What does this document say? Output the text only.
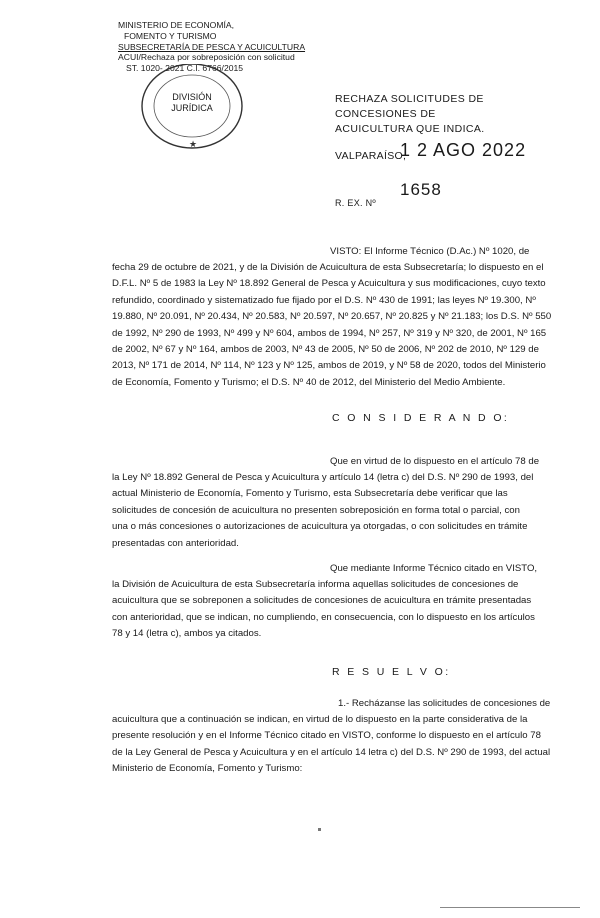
MINISTERIO DE ECONOMÍA,
FOMENTO Y TURISMO
SUBSECRETARÍA DE PESCA Y ACUICULTURA
ACUI/Rechaza por sobreposición con solicitud
ST. 1020- 2021 C.I. 6766/2015
★
DIVISIÓN
JURÍDICA
RECHAZA SOLICITUDES DE CONCESIONES DE
ACUICULTURA QUE INDICA.
VALPARAÍSO,
1 2 AGO 2022
1658
R. EX. Nº
VISTO: El Informe Técnico (D.Ac.) Nº 1020, de
fecha 29 de octubre de 2021, y de la División de Acuicultura de esta Subsecretaría; lo dispuesto en el
D.F.L. Nº 5 de 1983 la Ley Nº 18.892 General de Pesca y Acuicultura y sus modificaciones, cuyo texto
refundido, coordinado y sistematizado fue fijado por el D.S. Nº 430 de 1991; las leyes Nº 19.300, Nº
19.880, Nº 20.091, Nº 20.434, Nº 20.583, Nº 20.597, Nº 20.657, Nº 20.825 y Nº 21.183; los D.S. Nº 550
de 1992, Nº 290 de 1993, Nº 499 y Nº 604, ambos de 1994, Nº 257, Nº 319 y Nº 320, de 2001, Nº 165
de 2002, Nº 67 y Nº 164, ambos de 2003, Nº 43 de 2005, Nº 50 de 2006, Nº 202 de 2010, Nº 129 de
2013, Nº 171 de 2014, Nº 114, Nº 123 y Nº 125, ambos de 2019, y Nº 58 de 2020, todos del Ministerio
de Economía, Fomento y Turismo; el D.S. Nº 40 de 2012, del Ministerio del Medio Ambiente.
C O N S I D E R A N D O:
Que en virtud de lo dispuesto en el artículo 78 de
la Ley Nº 18.892 General de Pesca y Acuicultura y artículo 14 (letra c) del D.S. Nº 290 de 1993, del
actual Ministerio de Economía, Fomento y Turismo, esta Subsecretaría debe verificar que las
solicitudes de concesión de acuicultura no presenten sobreposición en forma total o parcial, con
una o más concesiones o autorizaciones de acuicultura ya otorgadas, o con solicitudes en trámite
presentadas con anterioridad.
Que mediante Informe Técnico citado en VISTO,
la División de Acuicultura de esta Subsecretaría informa aquellas solicitudes de concesiones de
acuicultura que se sobreponen a solicitudes de concesiones de acuicultura en trámite presentadas
con anterioridad, que se indican, no cumpliendo, en consecuencia, con lo dispuesto en los artículos
78 y 14 (letra c), ambos ya citados.
R E S U E L V O:
1.- Recházanse las solicitudes de concesiones de
acuicultura que a continuación se indican, en virtud de lo dispuesto en la parte considerativa de la
presente resolución y en el Informe Técnico citado en VISTO, conforme lo dispuesto en el artículo 78
de la Ley General de Pesca y Acuicultura y en el artículo 14 letra c) del D.S. Nº 290 de 1993, del actual
Ministerio de Economía, Fomento y Turismo:
